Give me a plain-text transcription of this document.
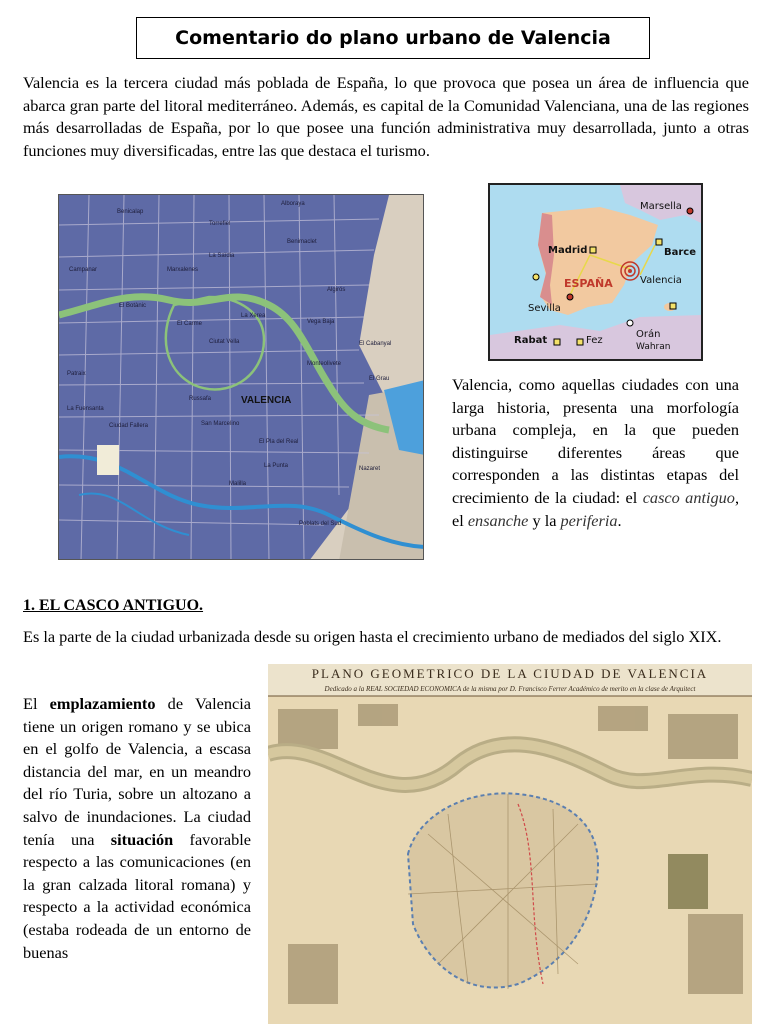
Comentario do plano urbano de Valencia

Valencia es la tercera ciudad más poblada de España, lo que provoca que posea un área de influencia que abarca gran parte del litoral mediterráneo. Además, es capital de la Comunidad Valenciana, una de las regiones más desarrolladas de España, por lo que posee una función administrativa muy desarrollada, junto a otras funciones muy diversificadas, entre las que destaca el turismo.

Alboraya
Benicalap
Benimaclet
Marxalenes
El Botànic
La Saïdia
Algirós
El Carme
Ciutat Vella
La Xerea
Vega Baja
Nazaret
El Grau
Patraix
Russafa
El Pla del Real
Campanar
Ciudad Fallera
La Fuensanta
San Marcelino
Torrefiel
Monteolivete
El Cabanyal
La Punta
Malilla
Poblats del Sud
VALENCIA
Marsella
Madrid	Barce
Valencia
Sevilla
Rabat	Fez
Orán
Wahran
ESPAÑA

Valencia, como aquellas ciudades con una larga historia, presenta una morfología urbana compleja, en la que pueden distinguirse diferentes áreas que corresponden a las distintas etapas del crecimiento de la ciudad: el casco antiguo, el ensanche y la periferia.

1. EL CASCO ANTIGUO.

Es la parte de la ciudad urbanizada desde su origen hasta el crecimiento urbano de mediados del siglo XIX.

El emplazamiento de Valencia tiene un origen romano y se ubica en el golfo de Valencia, a escasa distancia del mar, en un meandro del río Turia, sobre un altozano a salvo de inundaciones. La ciudad tenía una situación favorable respecto a las comunicaciones (en la gran calzada litoral romana) y respecto a la actividad económica (estaba rodeada de un entorno de buenas

PLANO GEOMETRICO DE LA CIUDAD DE VALENCIA
Dedicado a la REAL SOCIEDAD ECONOMICA de la misma por D. Francisco Ferrer Académico de merito en la clase de Arquitect
